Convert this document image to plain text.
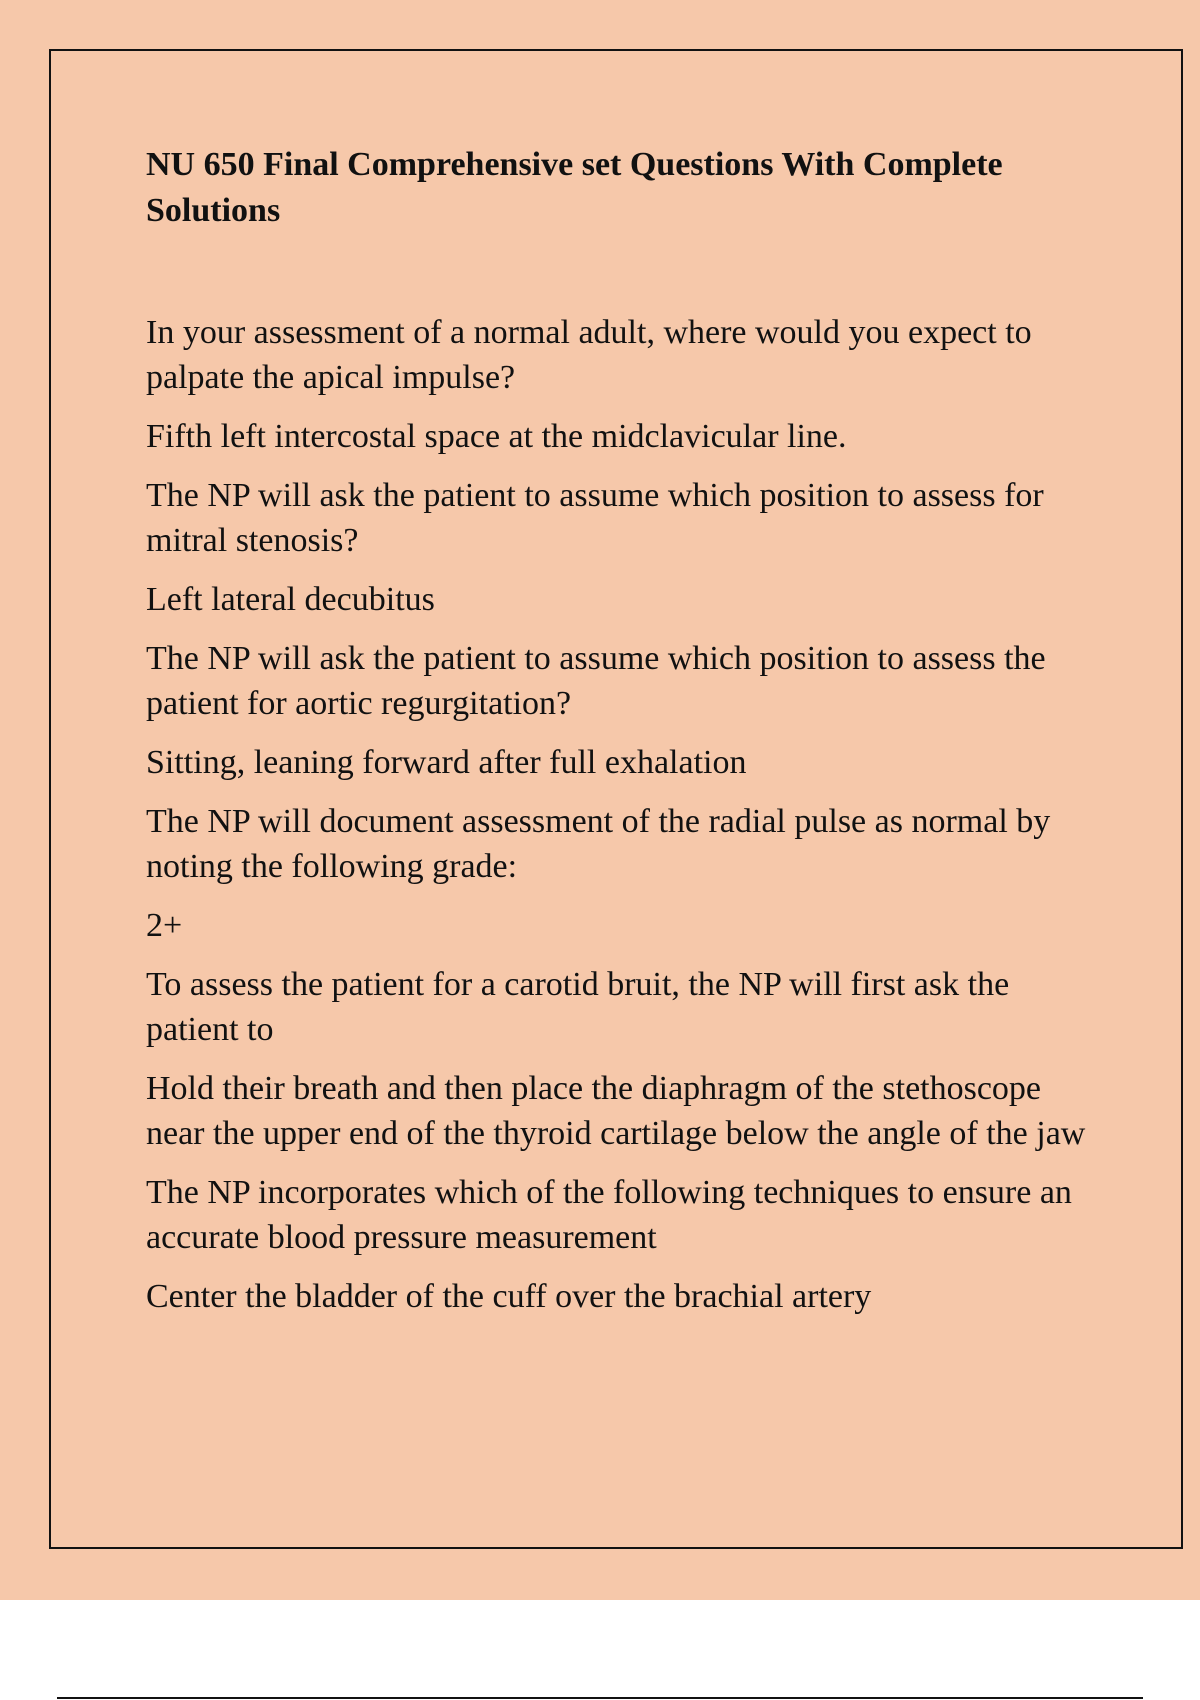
NU 650 Final Comprehensive set Questions With Complete Solutions

In your assessment of a normal adult, where would you expect to palpate the apical impulse?

Fifth left intercostal space at the midclavicular line.

The NP will ask the patient to assume which position to assess for mitral stenosis?

Left lateral decubitus

The NP will ask the patient to assume which position to assess the patient for aortic regurgitation?

Sitting, leaning forward after full exhalation

The NP will document assessment of the radial pulse as normal by noting the following grade:

2+

To assess the patient for a carotid bruit, the NP will first ask the patient to

Hold their breath and then place the diaphragm of the stethoscope near the upper end of the thyroid cartilage below the angle of the jaw

The NP incorporates which of the following techniques to ensure an accurate blood pressure measurement

Center the bladder of the cuff over the brachial artery
